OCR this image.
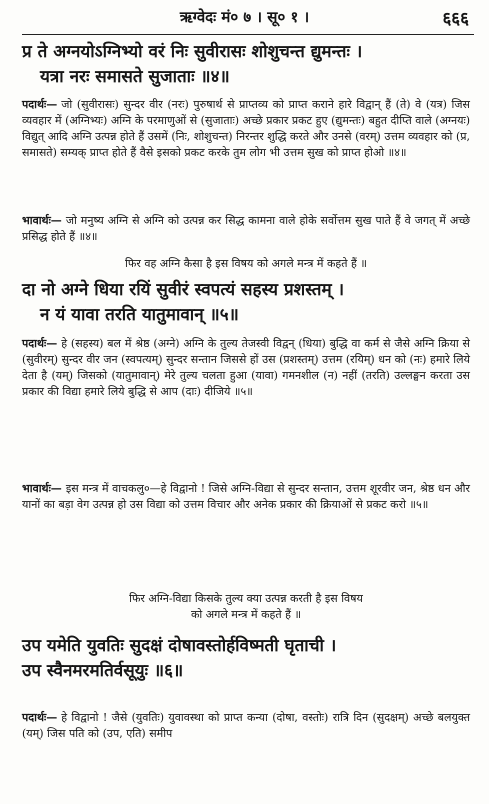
ऋग्वेदः मं० ७ । सू० १ ।	६६६
प्र ते अग्नयोऽग्निभ्यो वरं निः सुवीरासः शोशुचन्त द्युमन्तः ।
यत्रा नरः समासते सुजाताः ॥४॥
पदार्थः— जो (सुवीरासः) सुन्दर वीर (नरः) पुरुषार्थ से प्राप्तव्य को प्राप्त कराने हारे विद्वान् हैं (ते) वे (यत्र) जिस व्यवहार में (अग्निभ्यः) अग्नि के परमाणुओं से (सुजाताः) अच्छे प्रकार प्रकट हुए (द्युमन्तः) बहुत दीप्ति वाले (अग्नयः) विद्युत् आदि अग्नि उत्पन्न होते हैं उसमें (निः, शोशुचन्त) निरन्तर शुद्धि करते और उनसे (वरम्) उत्तम व्यवहार को (प्र, समासते) सम्यक् प्राप्त होते हैं वैसे इसको प्रकट करके तुम लोग भी उत्तम सुख को प्राप्त होओ ॥४॥
भावार्थः— जो मनुष्य अग्नि से अग्नि को उत्पन्न कर सिद्ध कामना वाले होके सर्वोत्तम सुख पाते हैं वे जगत् में अच्छे प्रसिद्ध होते हैं ॥४॥
फिर वह अग्नि कैसा है इस विषय को अगले मन्त्र में कहते हैं ॥
दा नो अग्ने धिया रयिं सुवीरं स्वपत्यं सहस्य प्रशस्तम् ।
न यं यावा तरति यातुमावान् ॥५॥
पदार्थः— हे (सहस्य) बल में श्रेष्ठ (अग्ने) अग्नि के तुल्य तेजस्वी विद्वन् (धिया) बुद्धि वा कर्म से जैसे अग्नि क्रिया से (सुवीरम्) सुन्दर वीर जन (स्वपत्यम्) सुन्दर सन्तान जिससे हों उस (प्रशस्तम्) उत्तम (रयिम्) धन को (नः) हमारे लिये देता है (यम्) जिसको (यातुमावान्) मेरे तुल्य चलता हुआ (यावा) गमनशील (न) नहीं (तरति) उल्लङ्घन करता उस प्रकार की विद्या हमारे लिये बुद्धि से आप (दाः) दीजिये ॥५॥
भावार्थः— इस मन्त्र में वाचकलु०—हे विद्वानो ! जिसे अग्नि-विद्या से सुन्दर सन्तान, उत्तम शूरवीर जन, श्रेष्ठ धन और यानों का बड़ा वेग उत्पन्न हो उस विद्या को उत्तम विचार और अनेक प्रकार की क्रियाओं से प्रकट करो ॥५॥
फिर अग्नि-विद्या किसके तुल्य क्या उत्पन्न करती है इस विषय
को अगले मन्त्र में कहते हैं ॥
उप यमेति युवतिः सुदक्षं दोषावस्तोर्हविष्मती घृताची ।
उप स्वैनमरमतिर्वसूयुः ॥६॥
पदार्थः— हे विद्वानो ! जैसे (युवतिः) युवावस्था को प्राप्त कन्या (दोषा, वस्तोः) रात्रि दिन (सुदक्षम्) अच्छे बलयुक्त (यम्) जिस पति को (उप, एति) समीप
